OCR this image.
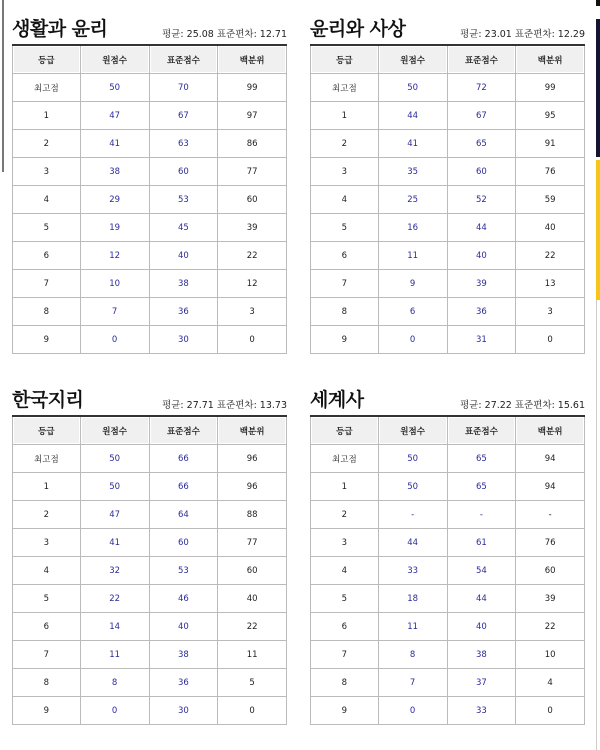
생활과 윤리	평균: 25.08 표준편차: 12.71
등급	원점수	표준점수	백분위
최고점	50	70	99
1	47	67	97
2	41	63	86
3	38	60	77
4	29	53	60
5	19	45	39
6	12	40	22
7	10	38	12
8	7	36	3
9	0	30	0
윤리와 사상	평균: 23.01 표준편차: 12.29
등급	원점수	표준점수	백분위
최고점	50	72	99
1	44	67	95
2	41	65	91
3	35	60	76
4	25	52	59
5	16	44	40
6	11	40	22
7	9	39	13
8	6	36	3
9	0	31	0
한국지리	평균: 27.71 표준편차: 13.73
등급	원점수	표준점수	백분위
최고점	50	66	96
1	50	66	96
2	47	64	88
3	41	60	77
4	32	53	60
5	22	46	40
6	14	40	22
7	11	38	11
8	8	36	5
9	0	30	0
세계사	평균: 27.22 표준편차: 15.61
등급	원점수	표준점수	백분위
최고점	50	65	94
1	50	65	94
2	-	-	-
3	44	61	76
4	33	54	60
5	18	44	39
6	11	40	22
7	8	38	10
8	7	37	4
9	0	33	0
